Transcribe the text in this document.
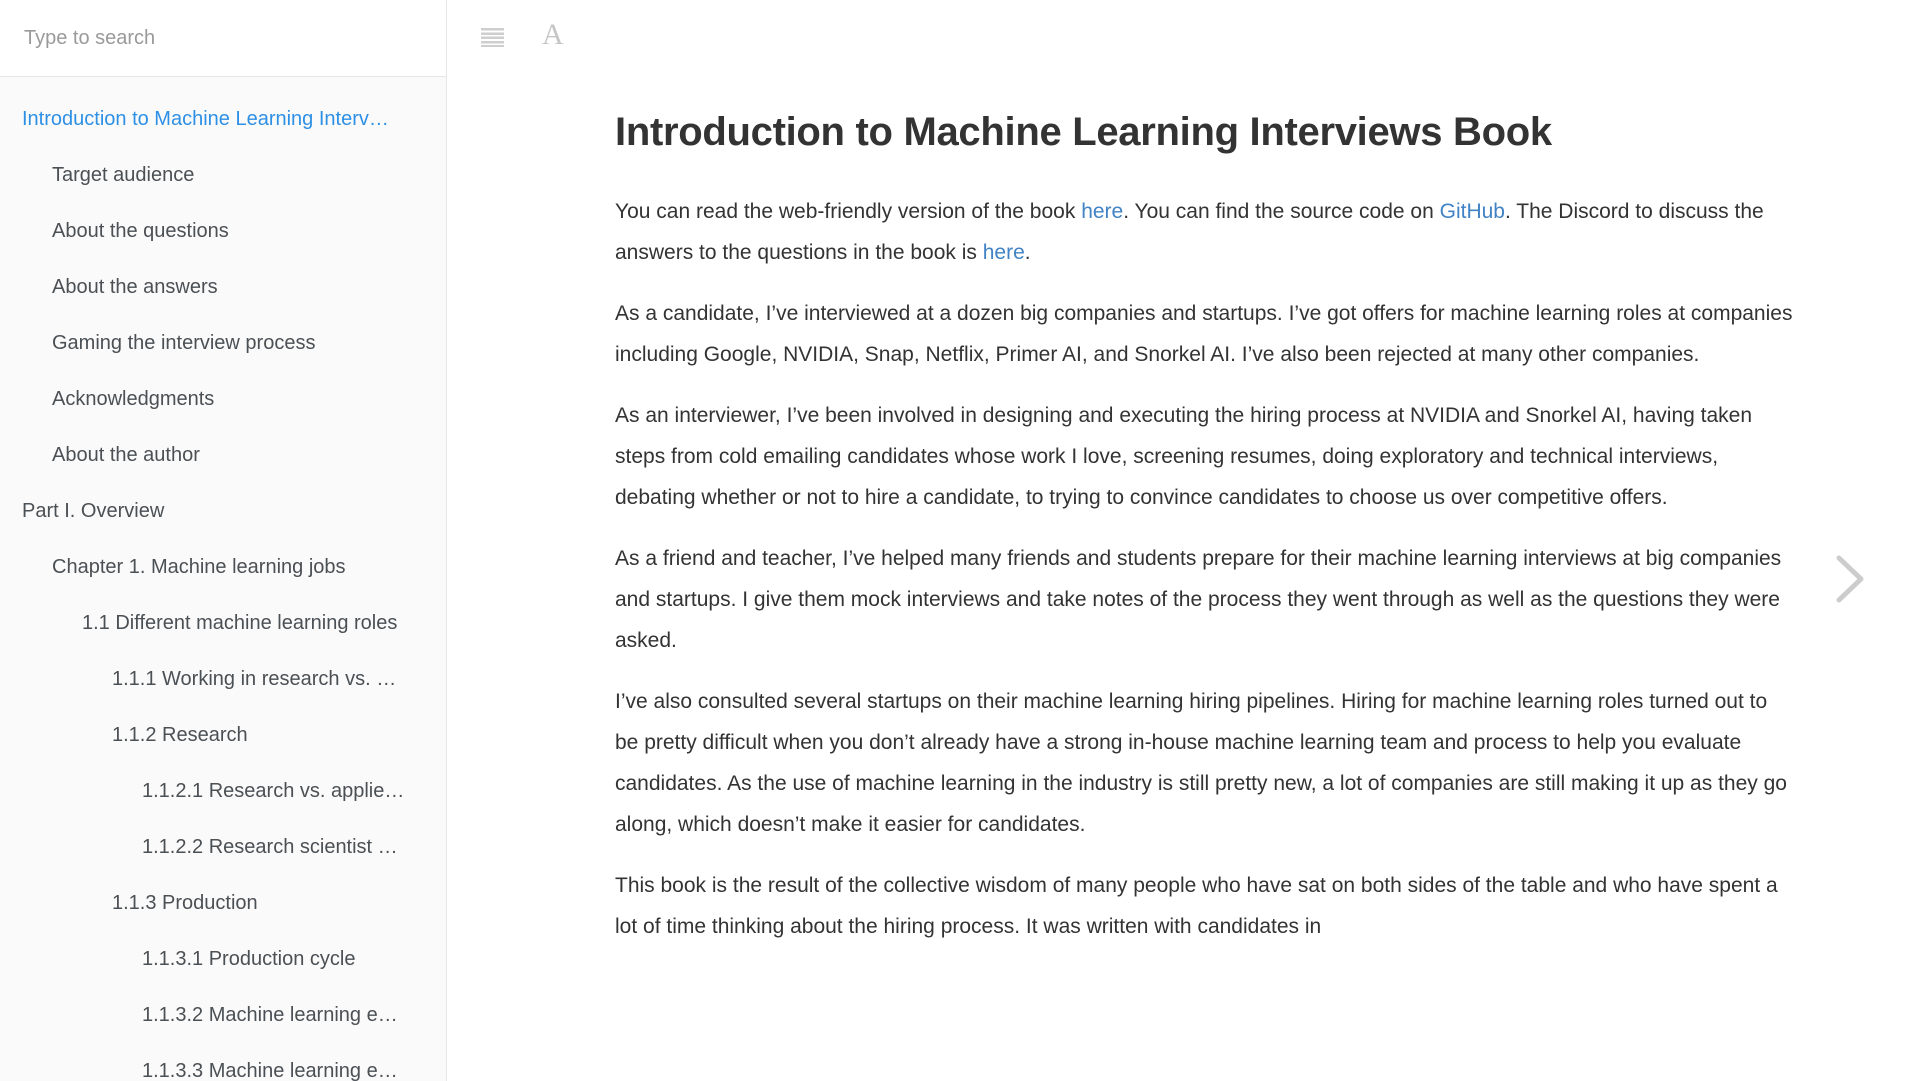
Type to search
Introduction to Machine Learning Interv…
Target audience
About the questions
About the answers
Gaming the interview process
Acknowledgments
About the author
Part I. Overview
Chapter 1. Machine learning jobs
1.1 Different machine learning roles
1.1.1 Working in research vs. …
1.1.2 Research
1.1.2.1 Research vs. applie…
1.1.2.2 Research scientist …
1.1.3 Production
1.1.3.1 Production cycle
1.1.3.2 Machine learning e…
1.1.3.3 Machine learning e…
A
Introduction to Machine Learning Interviews Book

You can read the web-friendly version of the book here. You can find the source code on GitHub. The Discord to discuss the answers to the questions in the book is here.

As a candidate, I’ve interviewed at a dozen big companies and startups. I’ve got offers for machine learning roles at companies including Google, NVIDIA, Snap, Netflix, Primer AI, and Snorkel AI. I’ve also been rejected at many other companies.

As an interviewer, I’ve been involved in designing and executing the hiring process at NVIDIA and Snorkel AI, having taken steps from cold emailing candidates whose work I love, screening resumes, doing exploratory and technical interviews, debating whether or not to hire a candidate, to trying to convince candidates to choose us over competitive offers.

As a friend and teacher, I’ve helped many friends and students prepare for their machine learning interviews at big companies and startups. I give them mock interviews and take notes of the process they went through as well as the questions they were asked.

I’ve also consulted several startups on their machine learning hiring pipelines. Hiring for machine learning roles turned out to be pretty difficult when you don’t already have a strong in-house machine learning team and process to help you evaluate candidates. As the use of machine learning in the industry is still pretty new, a lot of companies are still making it up as they go along, which doesn’t make it easier for candidates.

This book is the result of the collective wisdom of many people who have sat on both sides of the table and who have spent a lot of time thinking about the hiring process. It was written with candidates in
